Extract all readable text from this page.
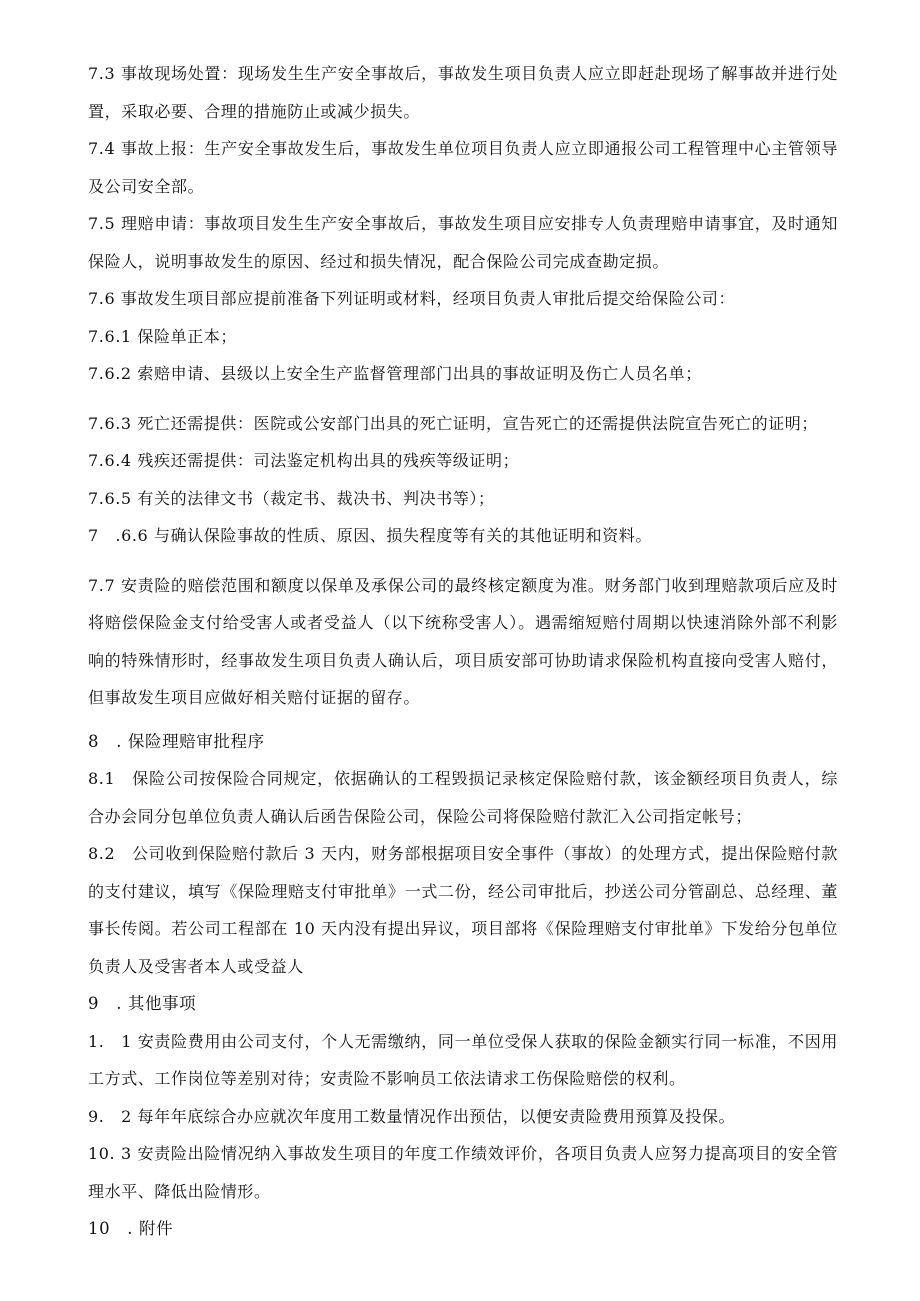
7.3 事故现场处置：现场发生生产安全事故后，事故发生项目负责人应立即赶赴现场了解事故并进行处置，采取必要、合理的措施防止或减少损失。

7.4 事故上报：生产安全事故发生后，事故发生单位项目负责人应立即通报公司工程管理中心主管领导及公司安全部。

7.5 理赔申请：事故项目发生生产安全事故后，事故发生项目应安排专人负责理赔申请事宜，及时通知保险人，说明事故发生的原因、经过和损失情况，配合保险公司完成查勘定损。

7.6 事故发生项目部应提前准备下列证明或材料，经项目负责人审批后提交给保险公司：

7.6.1 保险单正本；

7.6.2 索赔申请、县级以上安全生产监督管理部门出具的事故证明及伤亡人员名单；

7.6.3 死亡还需提供：医院或公安部门出具的死亡证明，宣告死亡的还需提供法院宣告死亡的证明；

7.6.4 残疾还需提供：司法鉴定机构出具的残疾等级证明；

7.6.5 有关的法律文书（裁定书、裁决书、判决书等）；

7　.6.6 与确认保险事故的性质、原因、损失程度等有关的其他证明和资料。

7.7 安责险的赔偿范围和额度以保单及承保公司的最终核定额度为准。财务部门收到理赔款项后应及时将赔偿保险金支付给受害人或者受益人（以下统称受害人）。遇需缩短赔付周期以快速消除外部不利影响的特殊情形时，经事故发生项目负责人确认后，项目质安部可协助请求保险机构直接向受害人赔付，但事故发生项目应做好相关赔付证据的留存。

8　. 保险理赔审批程序

8.1　保险公司按保险合同规定，依据确认的工程毁损记录核定保险赔付款，该金额经项目负责人，综合办会同分包单位负责人确认后函告保险公司，保险公司将保险赔付款汇入公司指定帐号；

8.2　公司收到保险赔付款后 3 天内，财务部根据项目安全事件（事故）的处理方式，提出保险赔付款的支付建议，填写《保险理赔支付审批单》一式二份，经公司审批后，抄送公司分管副总、总经理、董事长传阅。若公司工程部在 10 天内没有提出异议，项目部将《保险理赔支付审批单》下发给分包单位负责人及受害者本人或受益人

9　. 其他事项

1.　1 安责险费用由公司支付，个人无需缴纳，同一单位受保人获取的保险金额实行同一标准，不因用工方式、工作岗位等差别对待；安责险不影响员工依法请求工伤保险赔偿的权利。

9.　2 每年年底综合办应就次年度用工数量情况作出预估，以便安责险费用预算及投保。

10. 3 安责险出险情况纳入事故发生项目的年度工作绩效评价，各项目负责人应努力提高项目的安全管理水平、降低出险情形。

10　. 附件
